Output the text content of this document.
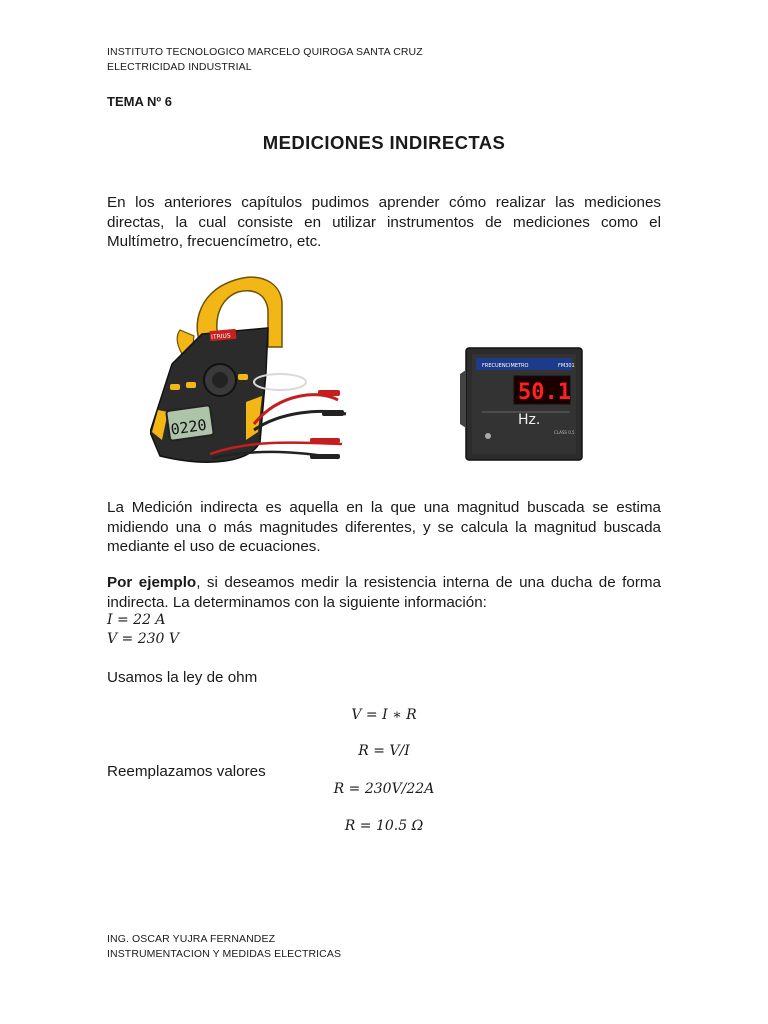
INSTITUTO TECNOLOGICO MARCELO QUIROGA SANTA CRUZ
ELECTRICIDAD INDUSTRIAL
TEMA Nº 6
MEDICIONES INDIRECTAS
En los anteriores capítulos pudimos aprender cómo realizar las mediciones directas, la cual consiste en utilizar instrumentos de mediciones como el Multímetro, frecuencímetro, etc.
ITRIUS
0220
FRECUENCIMETRO	FM301
50.1
Hz.
CLASS 0.5
La Medición indirecta es aquella en la que una magnitud buscada se estima midiendo una o más magnitudes diferentes, y se calcula la magnitud buscada mediante el uso de ecuaciones.
Por ejemplo, si deseamos medir la resistencia interna de una ducha de forma indirecta. La determinamos con la siguiente información:
I = 22 A
V = 230 V
Usamos la ley de ohm
V = I ∗ R
R = V/I
Reemplazamos valores
R = 230V/22A
R = 10.5 Ω
ING. OSCAR YUJRA FERNANDEZ
INSTRUMENTACION Y MEDIDAS ELECTRICAS
